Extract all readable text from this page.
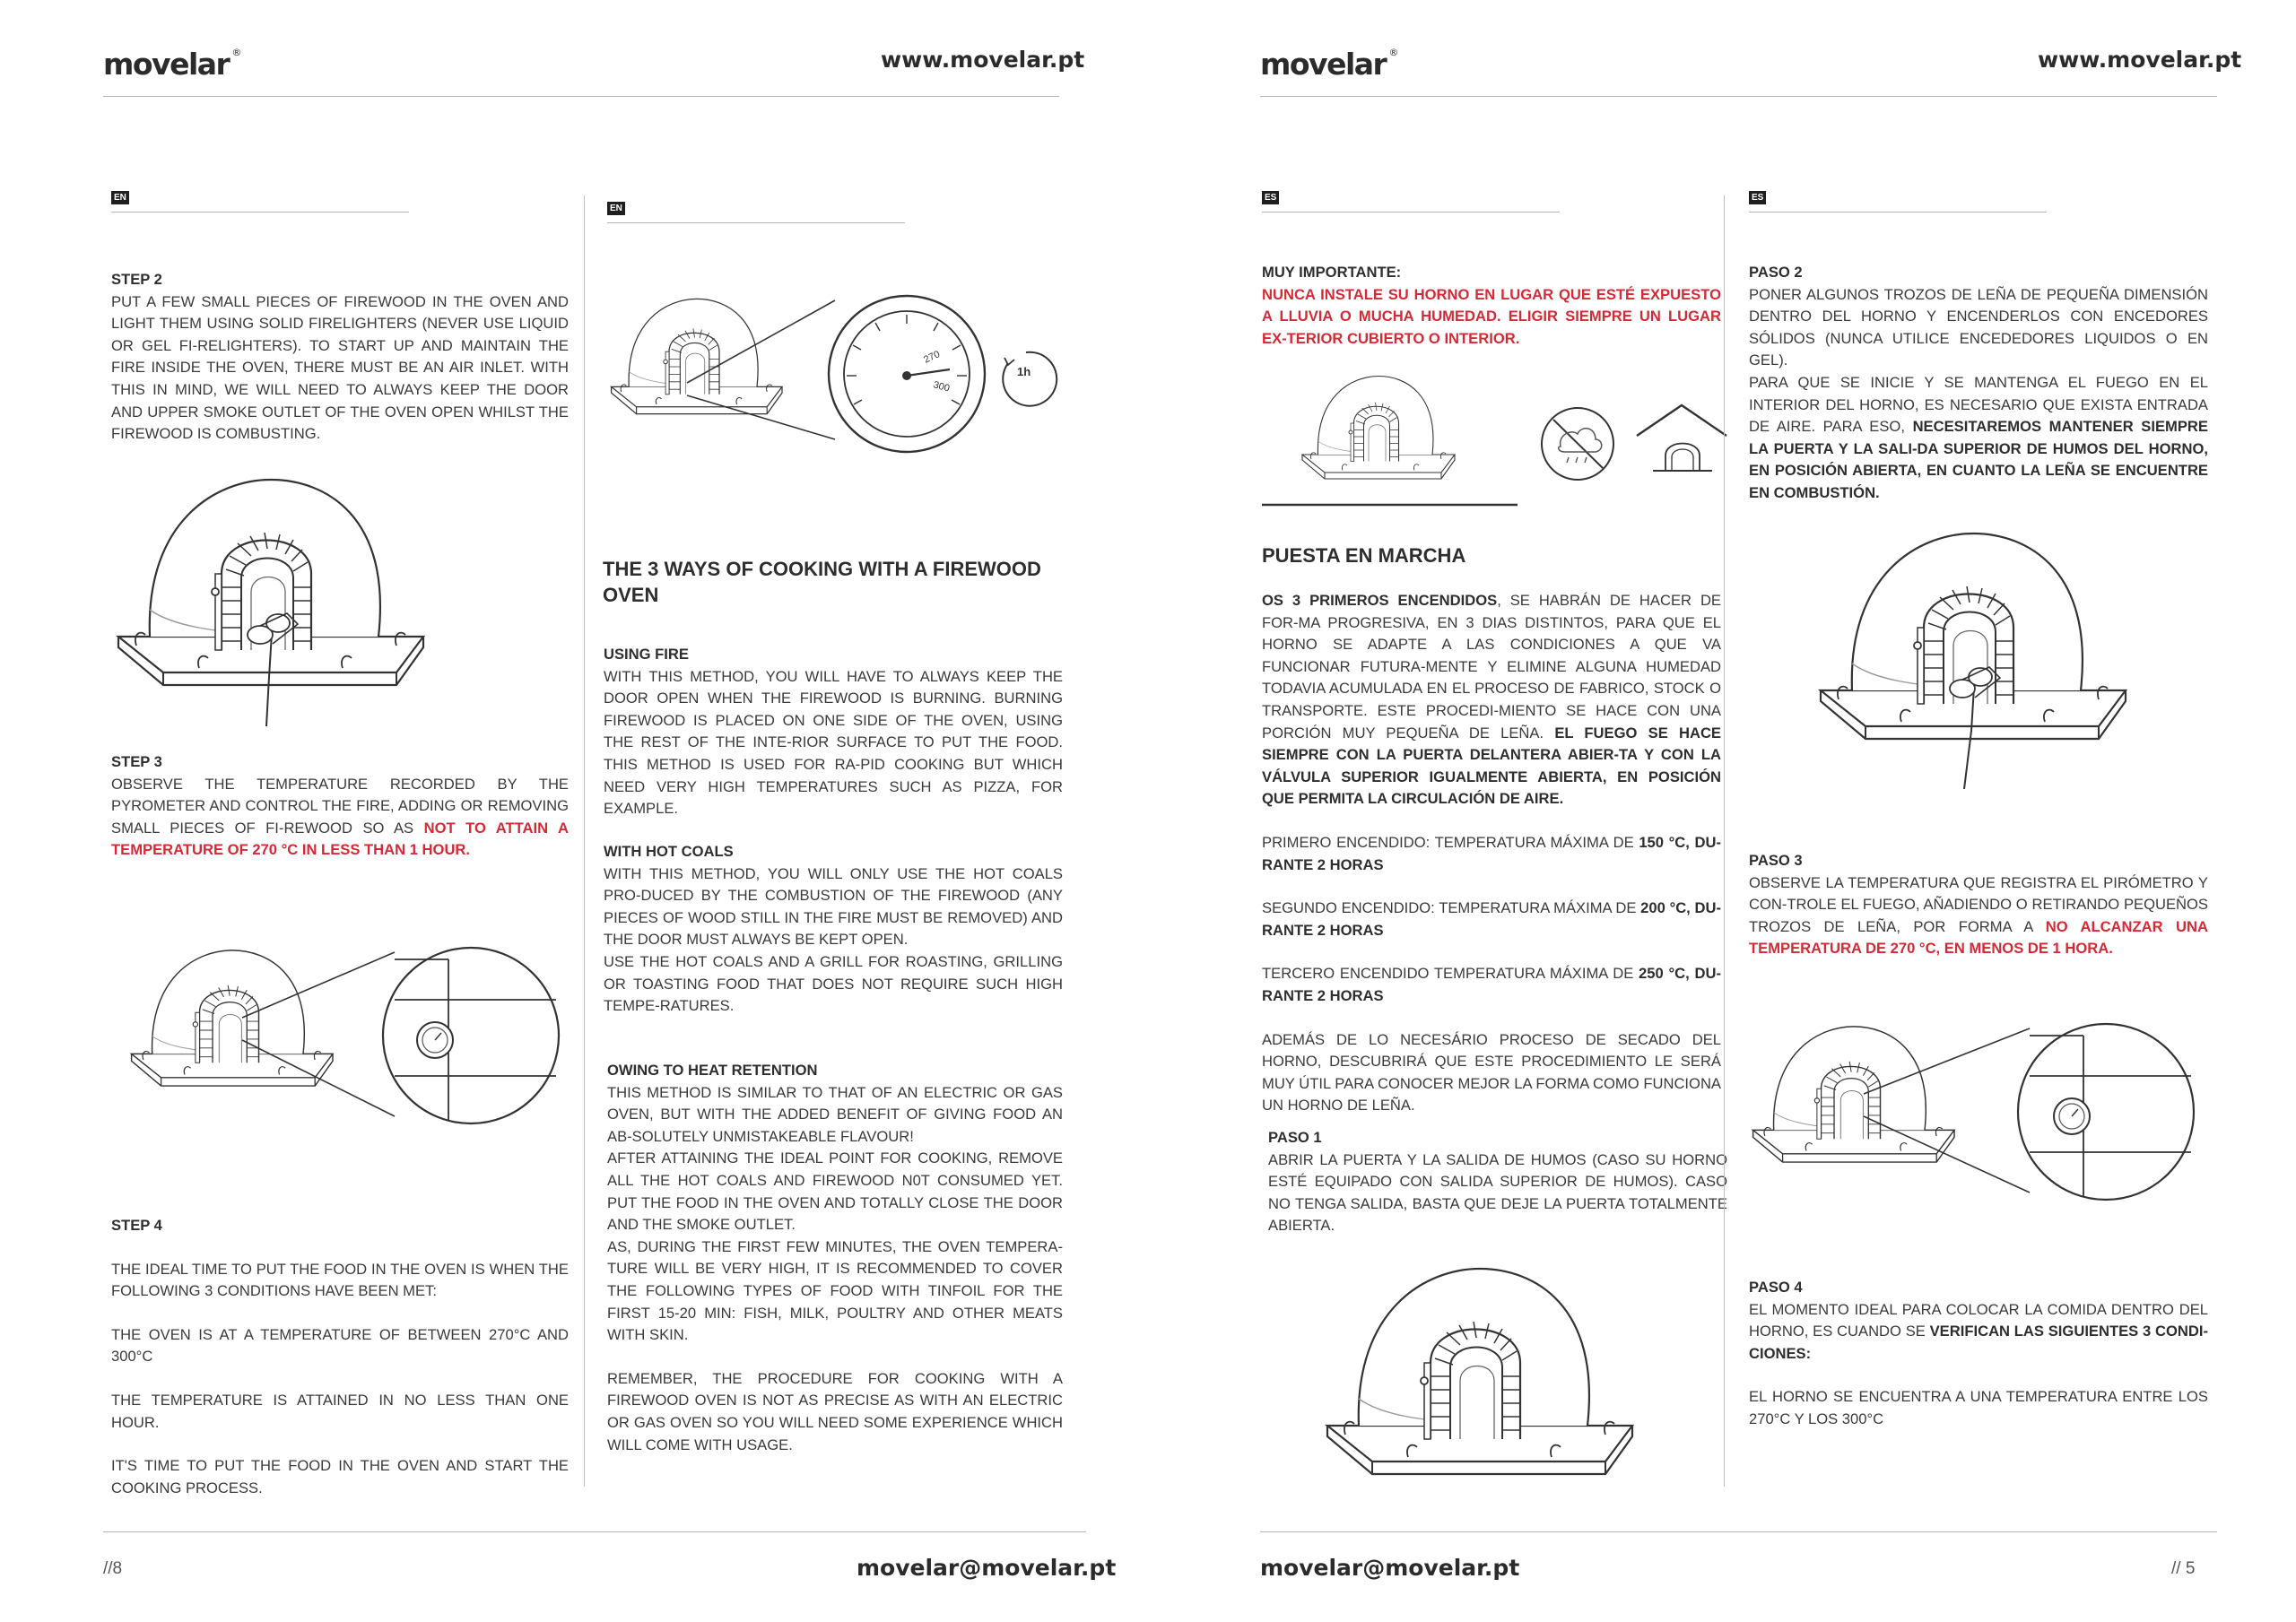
movelar ®	www.movelar.pt
EN

STEP 2

PUT A FEW SMALL PIECES OF FIREWOOD IN THE OVEN AND LIGHT THEM USING SOLID FIRELIGHTERS (NEVER USE LIQUID OR GEL FI-RELIGHTERS). TO START UP AND MAINTAIN THE FIRE INSIDE THE OVEN, THERE MUST BE AN AIR INLET. WITH THIS IN MIND, WE WILL NEED TO ALWAYS KEEP THE DOOR AND UPPER SMOKE OUTLET OF THE OVEN OPEN WHILST THE FIREWOOD IS COMBUSTING.

STEP 3

OBSERVE THE TEMPERATURE RECORDED BY THE PYROMETER AND CONTROL THE FIRE, ADDING OR REMOVING SMALL PIECES OF FI-REWOOD SO AS NOT TO ATTAIN A TEMPERATURE OF 270 °C IN LESS THAN 1 HOUR.

STEP 4

THE IDEAL TIME TO PUT THE FOOD IN THE OVEN IS WHEN THE FOLLOWING 3 CONDITIONS HAVE BEEN MET:

THE OVEN IS AT A TEMPERATURE OF BETWEEN 270°C AND 300°C

THE TEMPERATURE IS ATTAINED IN NO LESS THAN ONE HOUR.

IT'S TIME TO PUT THE FOOD IN THE OVEN AND START THE COOKING PROCESS.

EN
270
300
1h
THE 3 WAYS OF COOKING WITH A FIREWOOD OVEN

USING FIRE

WITH THIS METHOD, YOU WILL HAVE TO ALWAYS KEEP THE DOOR OPEN WHEN THE FIREWOOD IS BURNING. BURNING FIREWOOD IS PLACED ON ONE SIDE OF THE OVEN, USING THE REST OF THE INTE-RIOR SURFACE TO PUT THE FOOD. THIS METHOD IS USED FOR RA-PID COOKING BUT WHICH NEED VERY HIGH TEMPERATURES SUCH AS PIZZA, FOR EXAMPLE.

WITH HOT COALS

WITH THIS METHOD, YOU WILL ONLY USE THE HOT COALS PRO-DUCED BY THE COMBUSTION OF THE FIREWOOD (ANY PIECES OF WOOD STILL IN THE FIRE MUST BE REMOVED) AND THE DOOR MUST ALWAYS BE KEPT OPEN.

USE THE HOT COALS AND A GRILL FOR ROASTING, GRILLING OR TOASTING FOOD THAT DOES NOT REQUIRE SUCH HIGH TEMPE-RATURES.

OWING TO HEAT RETENTION

THIS METHOD IS SIMILAR TO THAT OF AN ELECTRIC OR GAS OVEN, BUT WITH THE ADDED BENEFIT OF GIVING FOOD AN AB-SOLUTELY UNMISTAKEABLE FLAVOUR!

AFTER ATTAINING THE IDEAL POINT FOR COOKING, REMOVE ALL THE HOT COALS AND FIREWOOD N0T CONSUMED YET. PUT THE FOOD IN THE OVEN AND TOTALLY CLOSE THE DOOR AND THE SMOKE OUTLET.

AS, DURING THE FIRST FEW MINUTES, THE OVEN TEMPERA-TURE WILL BE VERY HIGH, IT IS RECOMMENDED TO COVER THE FOLLOWING TYPES OF FOOD WITH TINFOIL FOR THE FIRST 15-20 MIN: FISH, MILK, POULTRY AND OTHER MEATS WITH SKIN.

REMEMBER, THE PROCEDURE FOR COOKING WITH A FIREWOOD OVEN IS NOT AS PRECISE AS WITH AN ELECTRIC OR GAS OVEN SO YOU WILL NEED SOME EXPERIENCE WHICH WILL COME WITH USAGE.

//8	movelar@movelar.pt
movelar ®	www.movelar.pt
ES

MUY IMPORTANTE:

NUNCA INSTALE SU HORNO EN LUGAR QUE ESTÉ EXPUESTO A LLUVIA O MUCHA HUMEDAD. ELIGIR SIEMPRE UN LUGAR EX-TERIOR CUBIERTO O INTERIOR.

PUESTA EN MARCHA

OS 3 PRIMEROS ENCENDIDOS, SE HABRÁN DE HACER DE FOR-MA PROGRESIVA, EN 3 DIAS DISTINTOS, PARA QUE EL HORNO SE ADAPTE A LAS CONDICIONES A QUE VA FUNCIONAR FUTURA-MENTE Y ELIMINE ALGUNA HUMEDAD TODAVIA ACUMULADA EN EL PROCESO DE FABRICO, STOCK O TRANSPORTE. ESTE PROCEDI-MIENTO SE HACE CON UNA PORCIÓN MUY PEQUEÑA DE LEÑA. EL FUEGO SE HACE SIEMPRE CON LA PUERTA DELANTERA ABIER-TA Y CON LA VÁLVULA SUPERIOR IGUALMENTE ABIERTA, EN POSICIÓN QUE PERMITA LA CIRCULACIÓN DE AIRE.

PRIMERO ENCENDIDO: TEMPERATURA MÁXIMA DE 150 °C, DU-RANTE 2 HORAS

SEGUNDO ENCENDIDO: TEMPERATURA MÁXIMA DE 200 °C, DU-RANTE 2 HORAS

TERCERO ENCENDIDO TEMPERATURA MÁXIMA DE 250 °C, DU-RANTE 2 HORAS

ADEMÁS DE LO NECESÁRIO PROCESO DE SECADO DEL HORNO, DESCUBRIRÁ QUE ESTE PROCEDIMIENTO LE SERÁ MUY ÚTIL PARA CONOCER MEJOR LA FORMA COMO FUNCIONA UN HORNO DE LEÑA.

PASO 1

ABRIR LA PUERTA Y LA SALIDA DE HUMOS (CASO SU HORNO ESTÉ EQUIPADO CON SALIDA SUPERIOR DE HUMOS). CASO NO TENGA SALIDA, BASTA QUE DEJE LA PUERTA TOTALMENTE ABIERTA.

ES

PASO 2

PONER ALGUNOS TROZOS DE LEÑA DE PEQUEÑA DIMENSIÓN DENTRO DEL HORNO Y ENCENDERLOS CON ENCEDORES SÓLIDOS (NUNCA UTILICE ENCEDEDORES LIQUIDOS O EN GEL).

PARA QUE SE INICIE Y SE MANTENGA EL FUEGO EN EL INTERIOR DEL HORNO, ES NECESARIO QUE EXISTA ENTRADA DE AIRE. PARA ESO, NECESITAREMOS MANTENER SIEMPRE LA PUERTA Y LA SALI-DA SUPERIOR DE HUMOS DEL HORNO, EN POSICIÓN ABIERTA, EN CUANTO LA LEÑA SE ENCUENTRE EN COMBUSTIÓN.

PASO 3

OBSERVE LA TEMPERATURA QUE REGISTRA EL PIRÓMETRO Y CON-TROLE EL FUEGO, AÑADIENDO O RETIRANDO PEQUEÑOS TROZOS DE LEÑA, POR FORMA A NO ALCANZAR UNA TEMPERATURA DE 270 °C, EN MENOS DE 1 HORA.

PASO 4

EL MOMENTO IDEAL PARA COLOCAR LA COMIDA DENTRO DEL HORNO, ES CUANDO SE VERIFICAN LAS SIGUIENTES 3 CONDI-CIONES:

EL HORNO SE ENCUENTRA A UNA TEMPERATURA ENTRE LOS 270°C Y LOS 300°C

movelar@movelar.pt	// 5
